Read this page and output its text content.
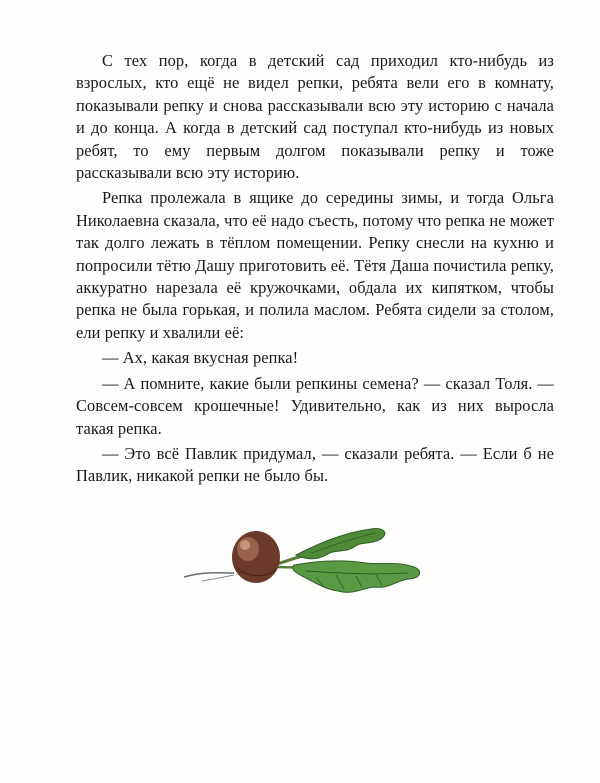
С тех пор, когда в детский сад приходил кто-нибудь из взрослых, кто ещё не видел репки, ребята вели его в комнату, показывали репку и снова рассказывали всю эту историю с начала и до конца. А когда в детский сад поступал кто-нибудь из новых ребят, то ему первым долгом показывали репку и тоже рассказывали всю эту историю.

Репка пролежала в ящике до середины зимы, и тогда Ольга Николаевна сказала, что её надо съесть, потому что репка не может так долго лежать в тёплом помещении. Репку снесли на кухню и попросили тётю Дашу приготовить её. Тётя Даша почистила репку, аккуратно нарезала её кружочками, обдала их кипятком, чтобы репка не была горькая, и полила маслом. Ребята сидели за столом, ели репку и хвалили её:

— Ах, какая вкусная репка!

— А помните, какие были репкины семена? — сказал Толя. — Совсем-совсем крошечные! Удивительно, как из них выросла такая репка.

— Это всё Павлик придумал, — сказали ребята. — Если б не Павлик, никакой репки не было бы.
